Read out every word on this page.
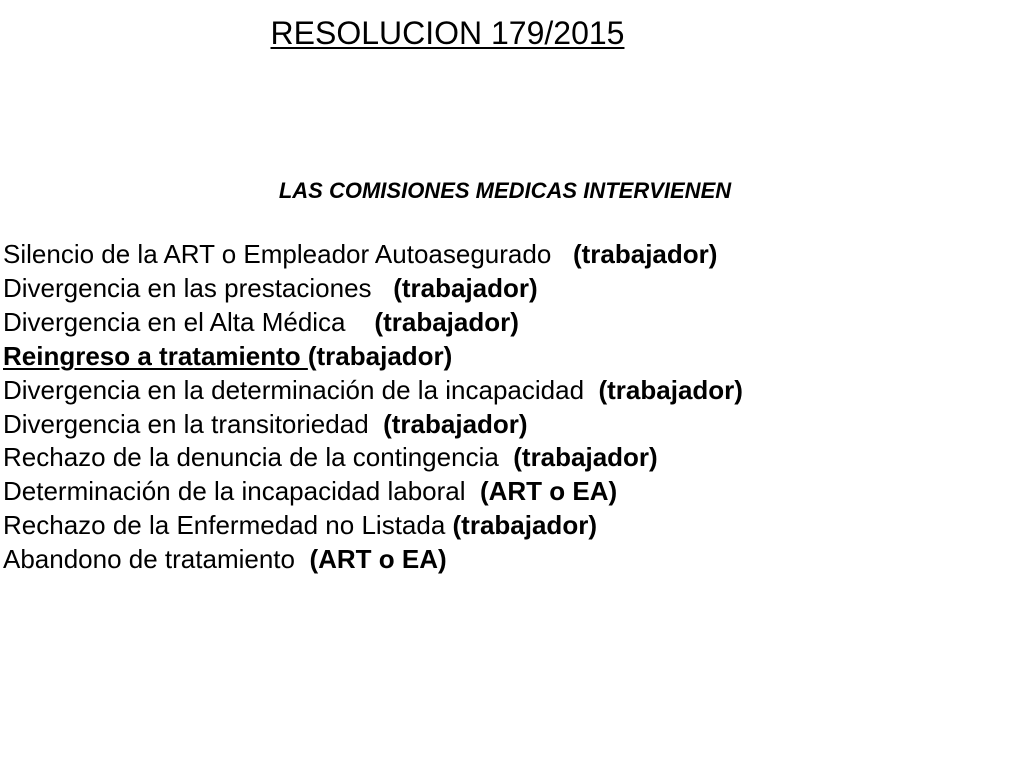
RESOLUCION 179/2015
LAS COMISIONES MEDICAS INTERVIENEN
Silencio de la ART o Empleador Autoasegurado   (trabajador)
Divergencia en las prestaciones   (trabajador)
Divergencia en el Alta Médica    (trabajador)
Reingreso a tratamiento (trabajador)
Divergencia en la determinación de la incapacidad  (trabajador)
Divergencia en la transitoriedad  (trabajador)
Rechazo de la denuncia de la contingencia  (trabajador)
Determinación de la incapacidad laboral  (ART o EA)
Rechazo de la Enfermedad no Listada (trabajador)
Abandono de tratamiento  (ART o EA)
